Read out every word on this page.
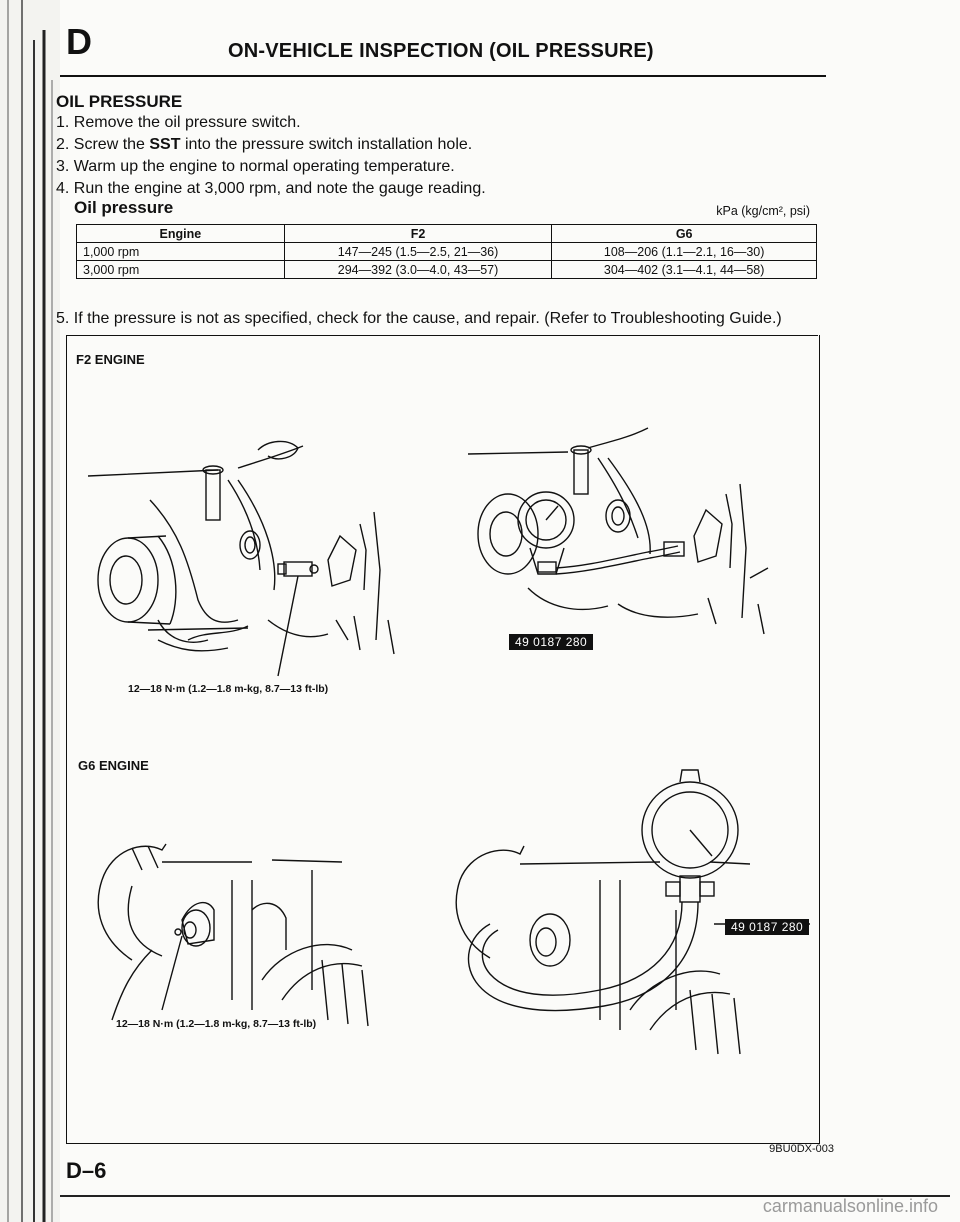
D	ON-VEHICLE INSPECTION (OIL PRESSURE)
OIL PRESSURE
1. Remove the oil pressure switch.
2. Screw the SST into the pressure switch installation hole.
3. Warm up the engine to normal operating temperature.
4. Run the engine at 3,000 rpm, and note the gauge reading.
Oil pressure	kPa (kg/cm², psi)
Engine	F2	G6
1,000 rpm	147—245 (1.5—2.5, 21—36)	108—206 (1.1—2.1, 16—30)
3,000 rpm	294—392 (3.0—4.0, 43—57)	304—402 (3.1—4.1, 44—58)
5. If the pressure is not as specified, check for the cause, and repair. (Refer to Troubleshooting Guide.)
F2 ENGINE
12—18 N·m (1.2—1.8 m-kg, 8.7—13 ft-lb)
49 0187 280
G6 ENGINE
12—18 N·m (1.2—1.8 m-kg, 8.7—13 ft-lb)
49 0187 280
9BU0DX-003
D–6
carmanualsonline.info
